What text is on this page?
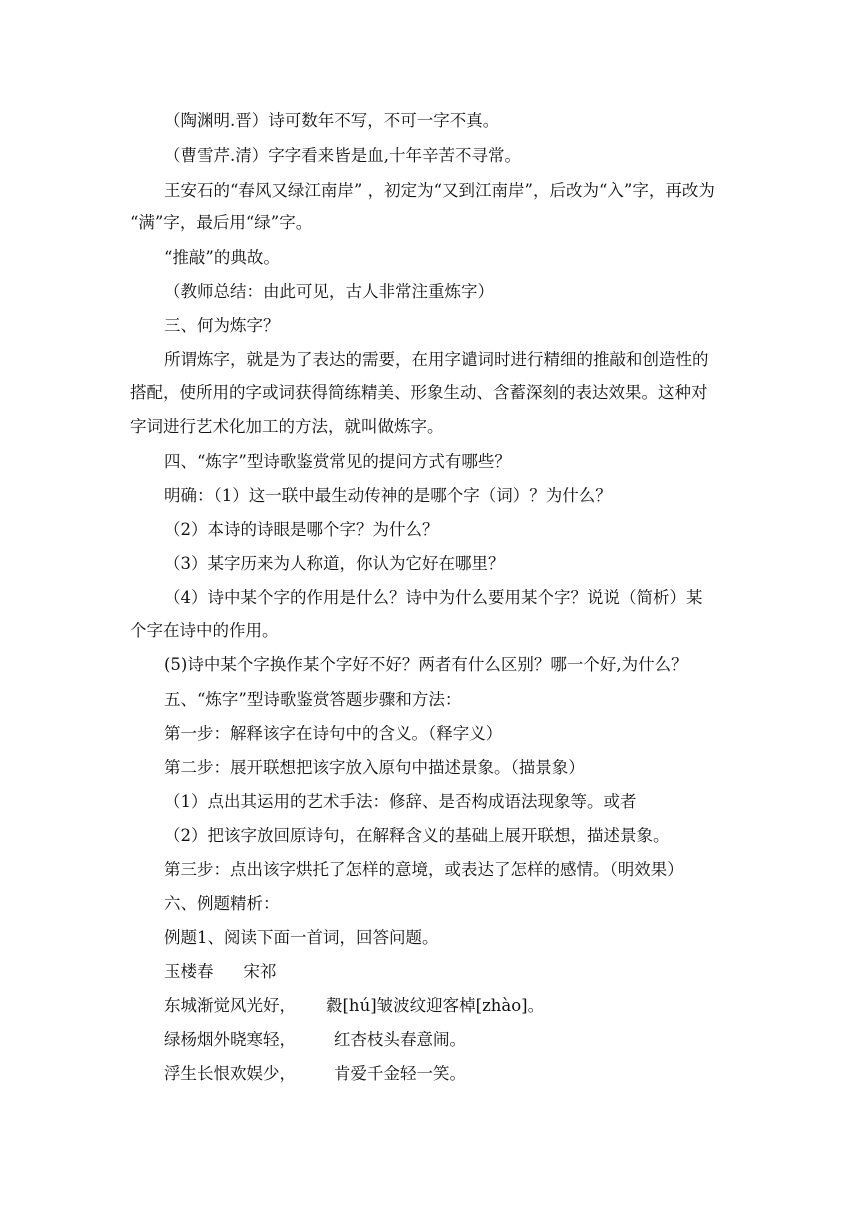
（陶渊明.晋）诗可数年不写，不可一字不真。
（曹雪芹.清）字字看来皆是血,十年辛苦不寻常。
王安石的“春风又绿江南岸” ，初定为“又到江南岸”，后改为“入”字，再改为
“满”字，最后用“绿”字。
“推敲”的典故。
（教师总结：由此可见，古人非常注重炼字）
三、何为炼字？
所谓炼字，就是为了表达的需要，在用字谴词时进行精细的推敲和创造性的
搭配，使所用的字或词获得简练精美、形象生动、含蓄深刻的表达效果。这种对
字词进行艺术化加工的方法，就叫做炼字。
四、“炼字”型诗歌鉴赏常见的提问方式有哪些？
明确：（1）这一联中最生动传神的是哪个字（词）？为什么？
（2）本诗的诗眼是哪个字？为什么？
（3）某字历来为人称道，你认为它好在哪里？
（4）诗中某个字的作用是什么？诗中为什么要用某个字？说说（简析）某
个字在诗中的作用。
(5)诗中某个字换作某个字好不好？两者有什么区别？哪一个好,为什么？
五、“炼字”型诗歌鉴赏答题步骤和方法：
第一步：解释该字在诗句中的含义。（释字义）
第二步：展开联想把该字放入原句中描述景象。（描景象）
（1）点出其运用的艺术手法：修辞、是否构成语法现象等。或者
（2）把该字放回原诗句，在解释含义的基础上展开联想，描述景象。
第三步：点出该字烘托了怎样的意境，或表达了怎样的感情。（明效果）
六、例题精析：
例题1、阅读下面一首词，回答问题。
玉楼春 宋祁
东城渐觉风光好， 縠[hú]皱波纹迎客棹[zhào]。
绿杨烟外晓寒轻， 红杏枝头春意闹。
浮生长恨欢娱少， 肯爱千金轻一笑。
